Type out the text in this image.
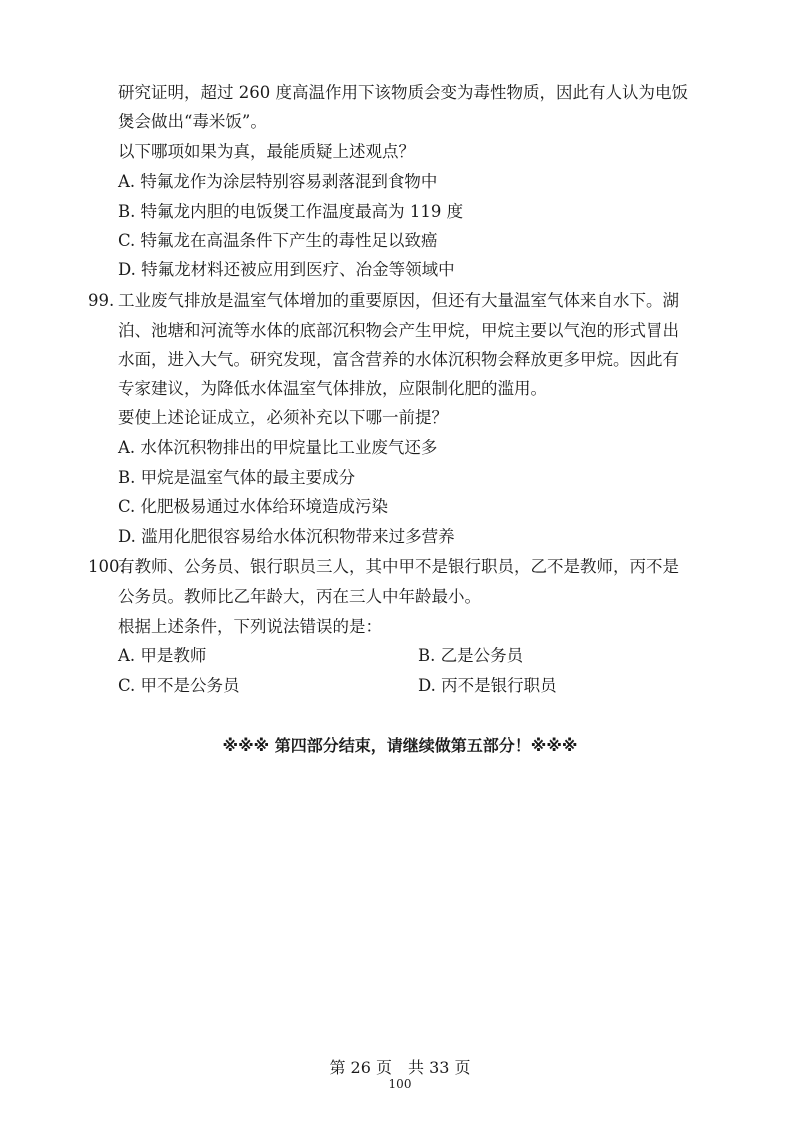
研究证明，超过 260 度高温作用下该物质会变为毒性物质，因此有人认为电饭
煲会做出“毒米饭”。
以下哪项如果为真，最能质疑上述观点？
A. 特氟龙作为涂层特别容易剥落混到食物中
B. 特氟龙内胆的电饭煲工作温度最高为 119 度
C. 特氟龙在高温条件下产生的毒性足以致癌
D. 特氟龙材料还被应用到医疗、冶金等领域中
99. 工业废气排放是温室气体增加的重要原因，但还有大量温室气体来自水下。湖
泊、池塘和河流等水体的底部沉积物会产生甲烷，甲烷主要以气泡的形式冒出
水面，进入大气。研究发现，富含营养的水体沉积物会释放更多甲烷。因此有
专家建议，为降低水体温室气体排放，应限制化肥的滥用。
要使上述论证成立，必须补充以下哪一前提？
A. 水体沉积物排出的甲烷量比工业废气还多
B. 甲烷是温室气体的最主要成分
C. 化肥极易通过水体给环境造成污染
D. 滥用化肥很容易给水体沉积物带来过多营养
100.
有教师、公务员、银行职员三人，其中甲不是银行职员，乙不是教师，丙不是
公务员。教师比乙年龄大，丙在三人中年龄最小。
根据上述条件，下列说法错误的是：
A. 甲是教师	B. 乙是公务员
C. 甲不是公务员	D. 丙不是银行职员
※※※ 第四部分结束，请继续做第五部分！※※※
第 26 页　共 33 页
100
